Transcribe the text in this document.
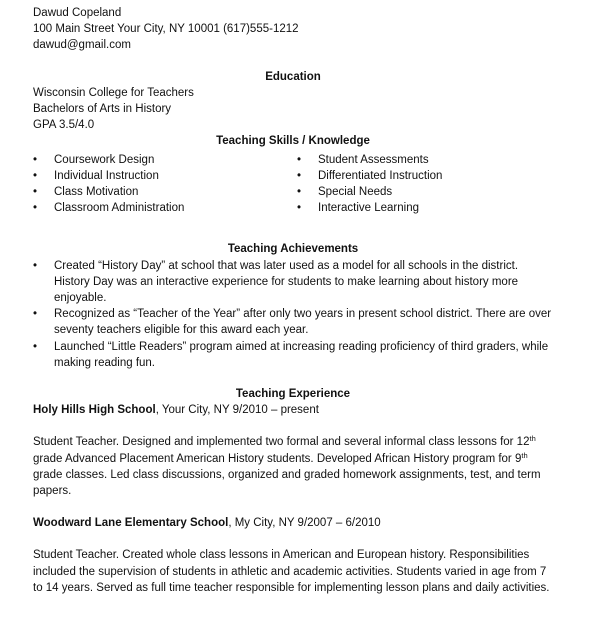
Dawud Copeland
100 Main Street Your City, NY 10001 (617)555-1212
dawud@gmail.com
Education
Wisconsin College for Teachers
Bachelors of Arts in History
GPA 3.5/4.0
Teaching Skills / Knowledge
•	Coursework Design
•	Individual Instruction
•	Class Motivation
•	Classroom Administration
•	Student Assessments
•	Differentiated Instruction
•	Special Needs
•	Interactive Learning
Teaching Achievements
•	Created “History Day” at school that was later used as a model for all schools in the district. History Day was an interactive experience for students to make learning about history more enjoyable.
•	Recognized as “Teacher of the Year” after only two years in present school district. There are over seventy teachers eligible for this award each year.
•	Launched “Little Readers” program aimed at increasing reading proficiency of third graders, while making reading fun.
Teaching Experience
Holy Hills High School, Your City, NY 9/2010 – present
Student Teacher. Designed and implemented two formal and several informal class lessons for 12th grade Advanced Placement American History students. Developed African History program for 9th grade classes. Led class discussions, organized and graded homework assignments, test, and term papers.
Woodward Lane Elementary School, My City, NY 9/2007 – 6/2010
Student Teacher. Created whole class lessons in American and European history. Responsibilities included the supervision of students in athletic and academic activities. Students varied in age from 7 to 14 years. Served as full time teacher responsible for implementing lesson plans and daily activities.
